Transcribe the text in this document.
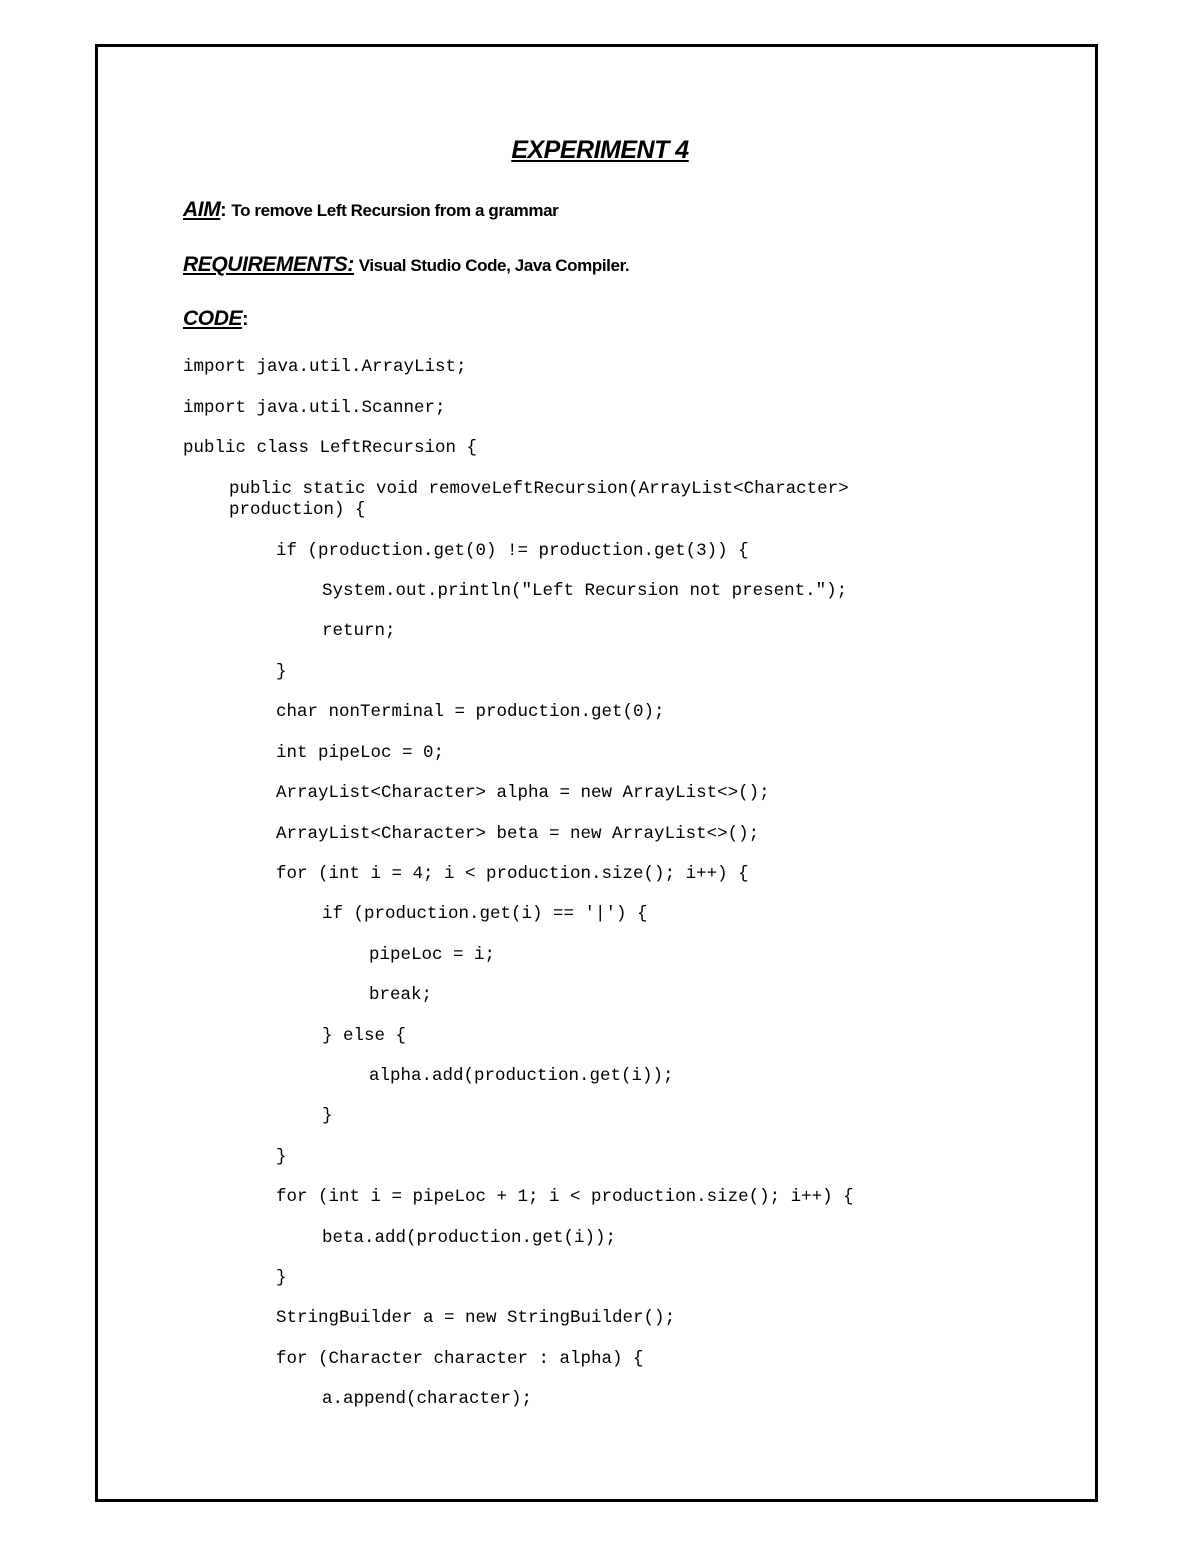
EXPERIMENT 4
AIM: To remove Left Recursion from a grammar
REQUIREMENTS: Visual Studio Code, Java Compiler.
CODE:
import java.util.ArrayList;
import java.util.Scanner;
public class LeftRecursion {
public static void removeLeftRecursion(ArrayList<Character>
production) {
if (production.get(0) != production.get(3)) {
System.out.println("Left Recursion not present.");
return;
}
char nonTerminal = production.get(0);
int pipeLoc = 0;
ArrayList<Character> alpha = new ArrayList<>();
ArrayList<Character> beta = new ArrayList<>();
for (int i = 4; i < production.size(); i++) {
if (production.get(i) == '|') {
pipeLoc = i;
break;
} else {
alpha.add(production.get(i));
}
}
for (int i = pipeLoc + 1; i < production.size(); i++) {
beta.add(production.get(i));
}
StringBuilder a = new StringBuilder();
for (Character character : alpha) {
a.append(character);
